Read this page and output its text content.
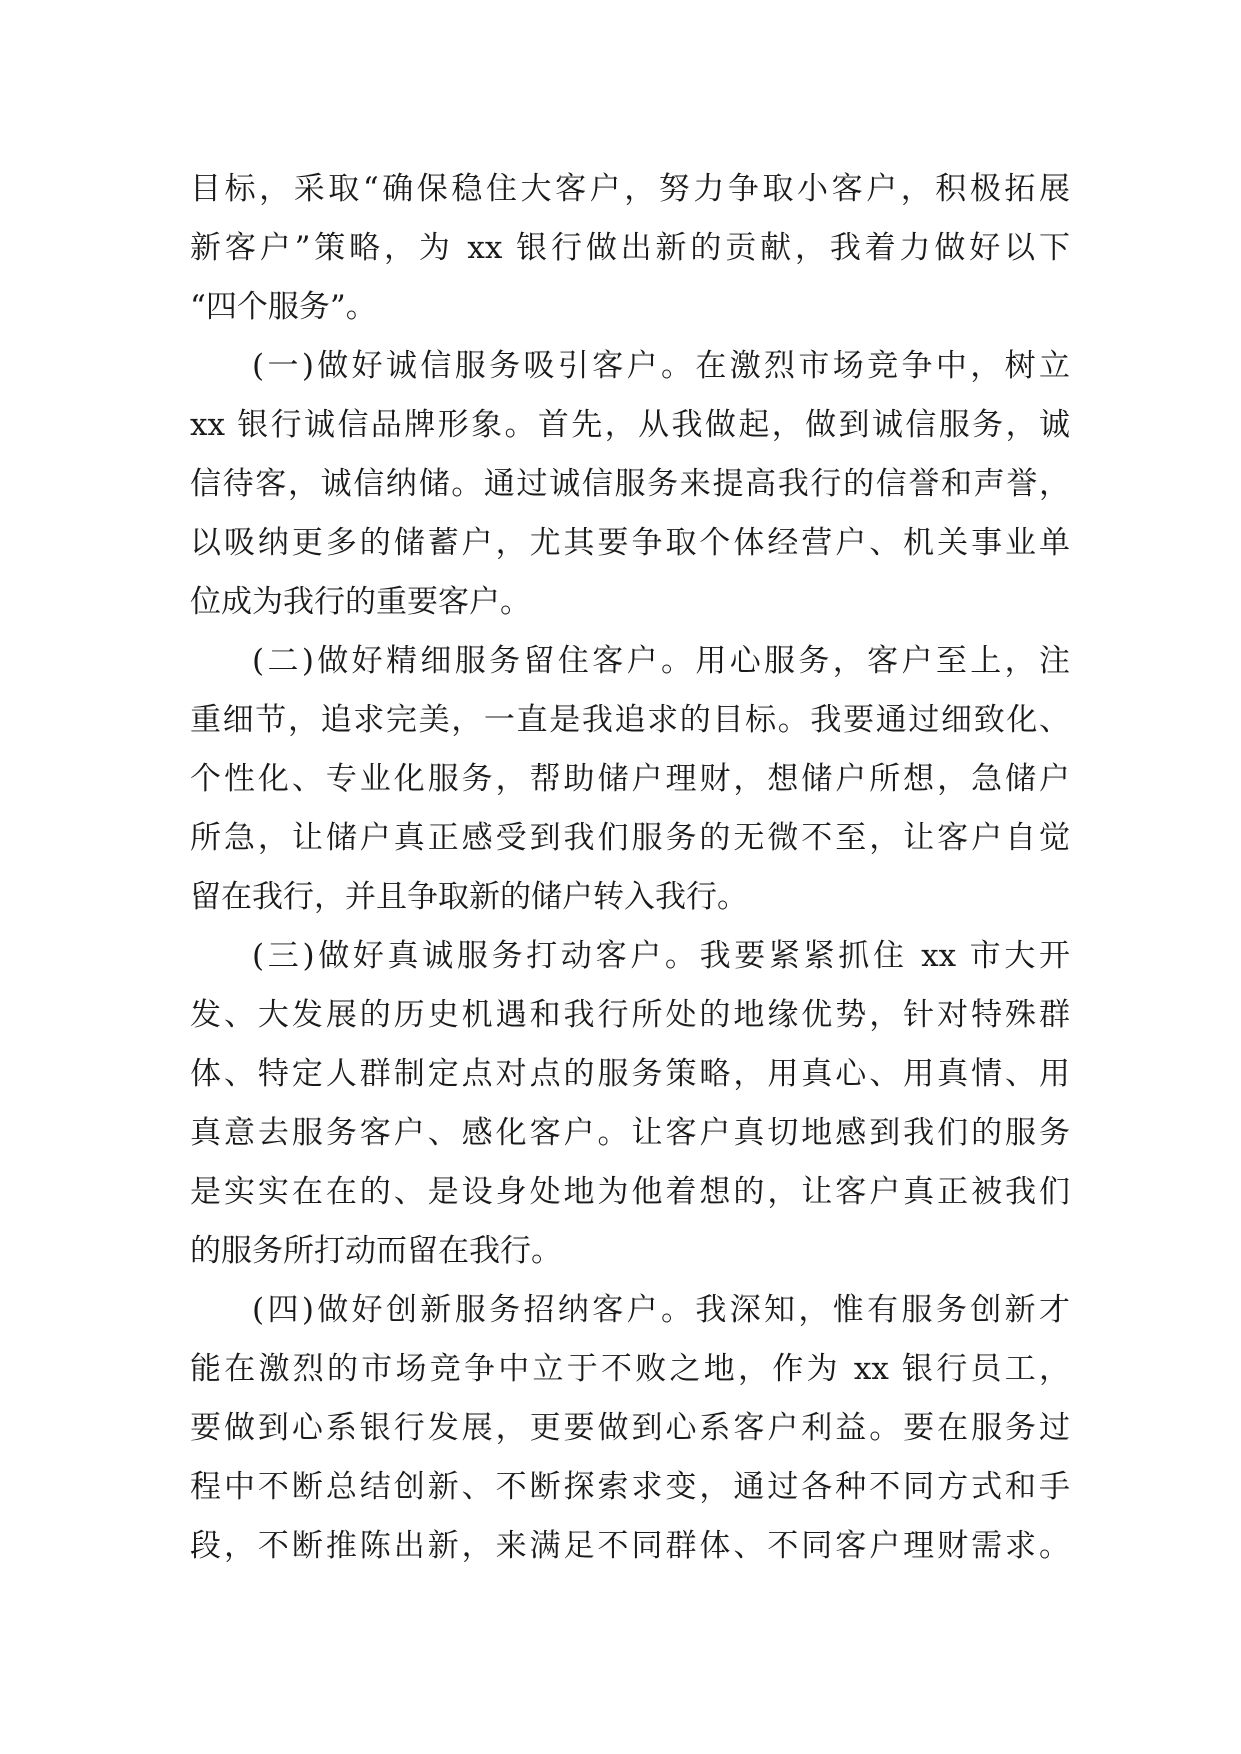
目标，采取“确保稳住大客户，努力争取小客户，积极拓展
新客户”策略，为 xx 银行做出新的贡献，我着力做好以下
“四个服务”。
(一)做好诚信服务吸引客户。在激烈市场竞争中，树立
xx 银行诚信品牌形象。首先，从我做起，做到诚信服务，诚
信待客，诚信纳储。通过诚信服务来提高我行的信誉和声誉，
以吸纳更多的储蓄户，尤其要争取个体经营户、机关事业单
位成为我行的重要客户。
(二)做好精细服务留住客户。用心服务，客户至上，注
重细节，追求完美，一直是我追求的目标。我要通过细致化、
个性化、专业化服务，帮助储户理财，想储户所想，急储户
所急，让储户真正感受到我们服务的无微不至，让客户自觉
留在我行，并且争取新的储户转入我行。
(三)做好真诚服务打动客户。我要紧紧抓住 xx 市大开
发、大发展的历史机遇和我行所处的地缘优势，针对特殊群
体、特定人群制定点对点的服务策略，用真心、用真情、用
真意去服务客户、感化客户。让客户真切地感到我们的服务
是实实在在的、是设身处地为他着想的，让客户真正被我们
的服务所打动而留在我行。
(四)做好创新服务招纳客户。我深知，惟有服务创新才
能在激烈的市场竞争中立于不败之地，作为 xx 银行员工，
要做到心系银行发展，更要做到心系客户利益。要在服务过
程中不断总结创新、不断探索求变，通过各种不同方式和手
段，不断推陈出新，来满足不同群体、不同客户理财需求。
